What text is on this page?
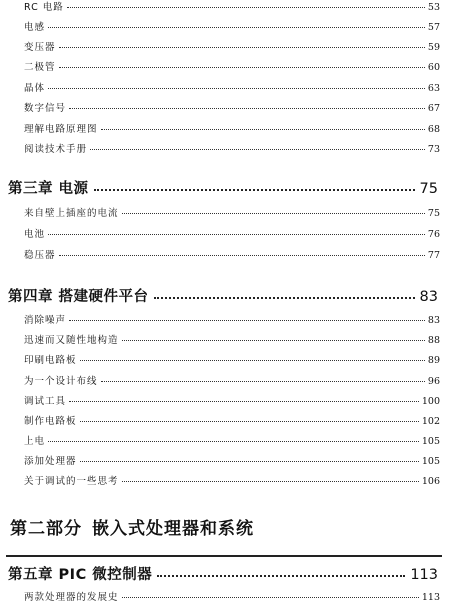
RC 电路	53
电感	57
变压器	59
二极管	60
晶体	63
数字信号	67
理解电路原理图	68
阅读技术手册	73
第三章 电源	75
来自壁上插座的电流	75
电池	76
稳压器	77
第四章 搭建硬件平台	83
消除噪声	83
迅速而又随性地构造	88
印刷电路板	89
为一个设计布线	96
调试工具	100
制作电路板	102
上电	105
添加处理器	105
关于调试的一些思考	106
第二部分 嵌入式处理器和系统
第五章 PIC 微控制器	113
两款处理器的发展史	113
